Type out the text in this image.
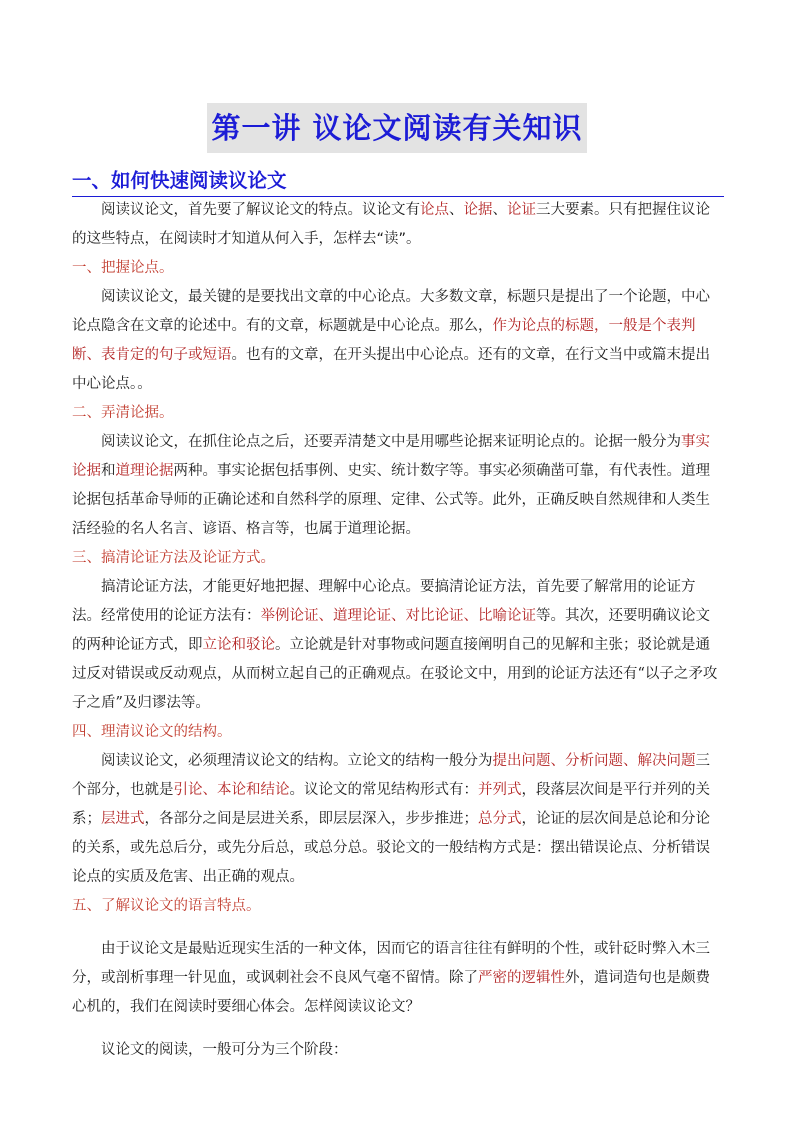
第一讲 议论文阅读有关知识
一、如何快速阅读议论文

阅读议论文，首先要了解议论文的特点。议论文有论点、论据、论证三大要素。只有把握住议论的这些特点，在阅读时才知道从何入手，怎样去“读”。

一、把握论点。

阅读议论文，最关键的是要找出文章的中心论点。大多数文章，标题只是提出了一个论题，中心论点隐含在文章的论述中。有的文章，标题就是中心论点。那么，作为论点的标题，一般是个表判断、表肯定的句子或短语。也有的文章，在开头提出中心论点。还有的文章，在行文当中或篇末提出中心论点。。

二、弄清论据。

阅读议论文，在抓住论点之后，还要弄清楚文中是用哪些论据来证明论点的。论据一般分为事实论据和道理论据两种。事实论据包括事例、史实、统计数字等。事实必须确凿可靠，有代表性。道理论据包括革命导师的正确论述和自然科学的原理、定律、公式等。此外，正确反映自然规律和人类生活经验的名人名言、谚语、格言等，也属于道理论据。

三、搞清论证方法及论证方式。

搞清论证方法，才能更好地把握、理解中心论点。要搞清论证方法，首先要了解常用的论证方法。经常使用的论证方法有：举例论证、道理论证、对比论证、比喻论证等。其次，还要明确议论文的两种论证方式，即立论和驳论。立论就是针对事物或问题直接阐明自己的见解和主张；驳论就是通过反对错误或反动观点，从而树立起自己的正确观点。在驳论文中，用到的论证方法还有“以子之矛攻子之盾”及归谬法等。

四、理清议论文的结构。

阅读议论文，必须理清议论文的结构。立论文的结构一般分为提出问题、分析问题、解决问题三个部分，也就是引论、本论和结论。议论文的常见结构形式有：并列式，段落层次间是平行并列的关系；层进式，各部分之间是层进关系，即层层深入，步步推进；总分式，论证的层次间是总论和分论的关系，或先总后分，或先分后总，或总分总。驳论文的一般结构方式是：摆出错误论点、分析错误论点的实质及危害、出正确的观点。

五、了解议论文的语言特点。

由于议论文是最贴近现实生活的一种文体，因而它的语言往往有鲜明的个性，或针砭时弊入木三分，或剖析事理一针见血，或讽刺社会不良风气毫不留情。除了严密的逻辑性外，遣词造句也是颇费心机的，我们在阅读时要细心体会。怎样阅读议论文？

议论文的阅读，一般可分为三个阶段：
